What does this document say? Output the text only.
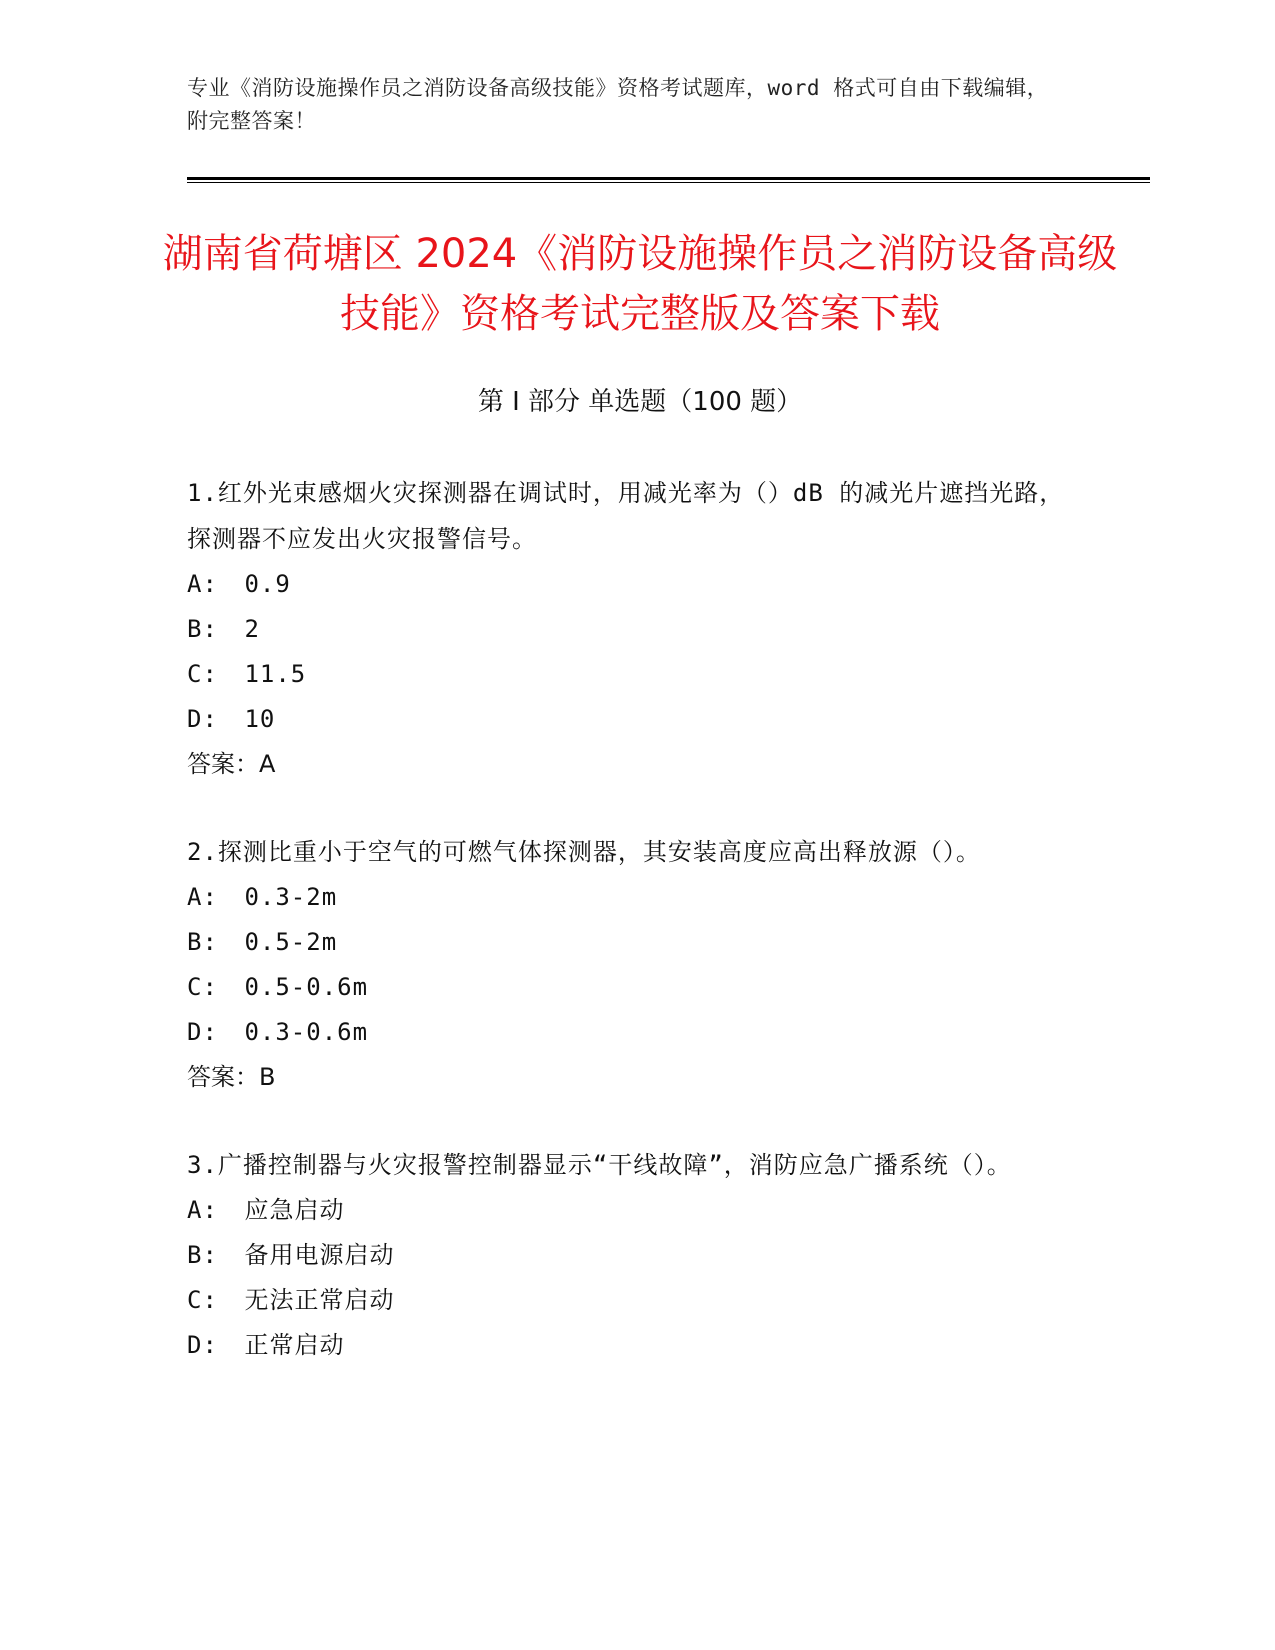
专业《消防设施操作员之消防设备高级技能》资格考试题库，word 格式可自由下载编辑，附完整答案！
湖南省荷塘区 2024《消防设施操作员之消防设备高级技能》资格考试完整版及答案下载
第 I 部分 单选题（100 题）
1.红外光束感烟火灾探测器在调试时，用减光率为（）dB 的减光片遮挡光路，探测器不应发出火灾报警信号。
A: 0.9
B: 2
C: 11.5
D: 10
答案：A
2.探测比重小于空气的可燃气体探测器，其安装高度应高出释放源（）。
A: 0.3-2m
B: 0.5-2m
C: 0.5-0.6m
D: 0.3-0.6m
答案：B
3.广播控制器与火灾报警控制器显示“干线故障”，消防应急广播系统（）。
A: 应急启动
B: 备用电源启动
C: 无法正常启动
D: 正常启动
